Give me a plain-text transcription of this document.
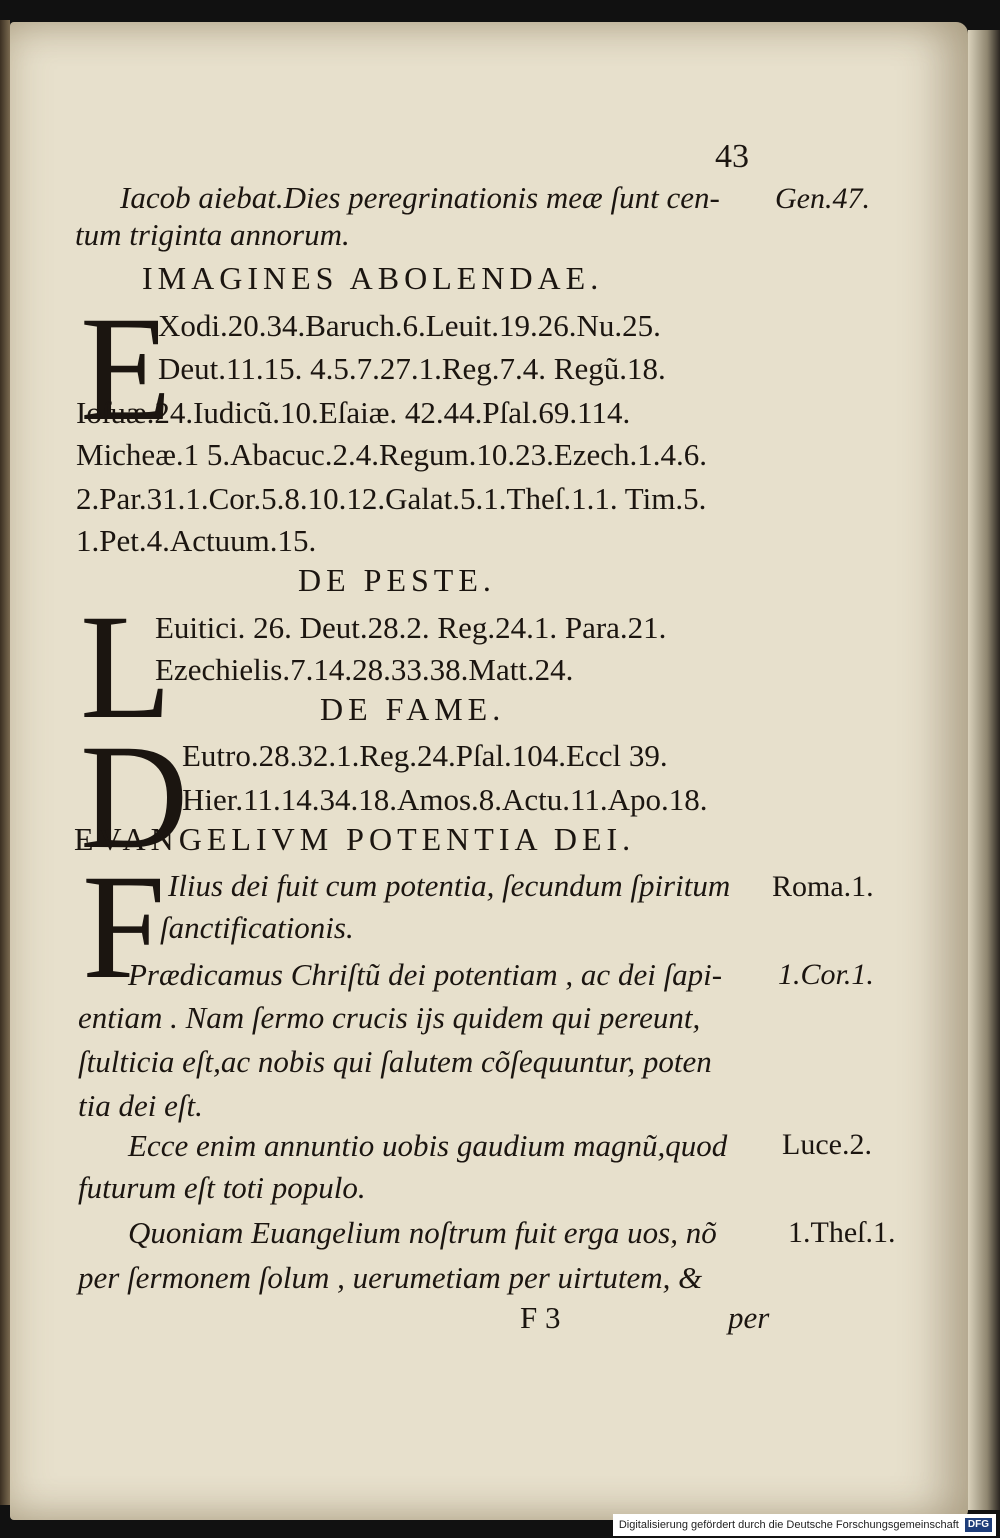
43
Iacob aiebat.Dies peregrinationis meæ ſunt cen-
tum triginta annorum.
IMAGINES ABOLENDAE.
E
Xodi.20.34.Baruch.6.Leuit.19.26.Nu.25.
Deut.11.15. 4.5.7.27.1.Reg.7.4. Regũ.18.
Ioſuæ.24.Iudicũ.10.Eſaiæ. 42.44.Pſal.69.114.
Micheæ.1 5.Abacuc.2.4.Regum.10.23.Ezech.1.4.6.
2.Par.31.1.Cor.5.8.10.12.Galat.5.1.Theſ.1.1. Tim.5.
1.Pet.4.Actuum.15.
DE PESTE.
L
Euitici. 26. Deut.28.2. Reg.24.1. Para.21.
Ezechielis.7.14.28.33.38.Matt.24.
DE FAME.
D
Eutro.28.32.1.Reg.24.Pſal.104.Eccl 39.
Hier.11.14.34.18.Amos.8.Actu.11.Apo.18.
EVANGELIVM POTENTIA DEI.
F Ilius dei fuit cum potentia, ſecundum ſpiritum
ſanctificationis.
Prædicamus Chriſtũ dei potentiam , ac dei ſapi-
entiam . Nam ſermo crucis ijs quidem qui pereunt,
ſtulticia eſt,ac nobis qui ſalutem cõſequuntur, poten
tia dei eſt.
Ecce enim annuntio uobis gaudium magnũ,quod
futurum eſt toti populo.
Quoniam Euangelium noſtrum fuit erga uos, nõ
per ſermonem ſolum , uerumetiam per uirtutem, &
Gen.47.
Roma.1.
1.Cor.1.
Luce.2.
1.Theſ.1.
F 3	per
Digitalisierung gefördert durch die Deutsche Forschungsgemeinschaft DFG
